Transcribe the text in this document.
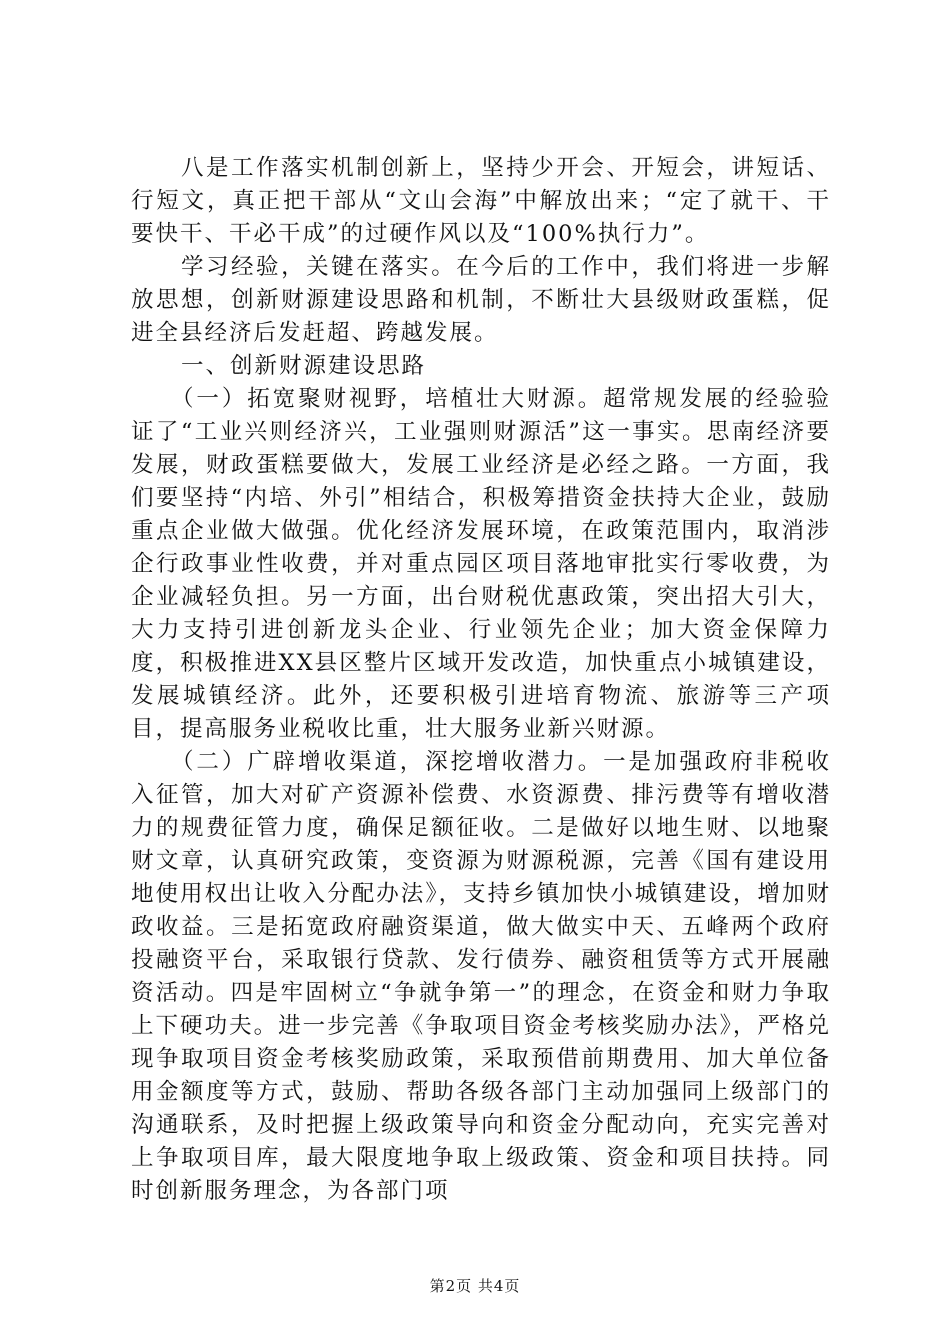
八是工作落实机制创新上，坚持少开会、开短会，讲短话、行短文，真正把干部从“文山会海”中解放出来；“定了就干、干要快干、干必干成”的过硬作风以及“100%执行力”。

学习经验，关键在落实。在今后的工作中，我们将进一步解放思想，创新财源建设思路和机制，不断壮大县级财政蛋糕，促进全县经济后发赶超、跨越发展。

一、创新财源建设思路

（一）拓宽聚财视野，培植壮大财源。超常规发展的经验验证了“工业兴则经济兴，工业强则财源活”这一事实。思南经济要发展，财政蛋糕要做大，发展工业经济是必经之路。一方面，我们要坚持“内培、外引”相结合，积极筹措资金扶持大企业，鼓励重点企业做大做强。优化经济发展环境，在政策范围内，取消涉企行政事业性收费，并对重点园区项目落地审批实行零收费，为企业减轻负担。另一方面，出台财税优惠政策，突出招大引大，大力支持引进创新龙头企业、行业领先企业；加大资金保障力度，积极推进XX县区整片区域开发改造，加快重点小城镇建设，发展城镇经济。此外，还要积极引进培育物流、旅游等三产项目，提高服务业税收比重，壮大服务业新兴财源。

（二）广辟增收渠道，深挖增收潜力。一是加强政府非税收入征管，加大对矿产资源补偿费、水资源费、排污费等有增收潜力的规费征管力度，确保足额征收。二是做好以地生财、以地聚财文章，认真研究政策，变资源为财源税源，完善《国有建设用地使用权出让收入分配办法》，支持乡镇加快小城镇建设，增加财政收益。三是拓宽政府融资渠道，做大做实中天、五峰两个政府投融资平台，采取银行贷款、发行债券、融资租赁等方式开展融资活动。四是牢固树立“争就争第一”的理念，在资金和财力争取上下硬功夫。进一步完善《争取项目资金考核奖励办法》，严格兑现争取项目资金考核奖励政策，采取预借前期费用、加大单位备用金额度等方式，鼓励、帮助各级各部门主动加强同上级部门的沟通联系，及时把握上级政策导向和资金分配动向，充实完善对上争取项目库，最大限度地争取上级政策、资金和项目扶持。同时创新服务理念，为各部门项

第2页 共4页
